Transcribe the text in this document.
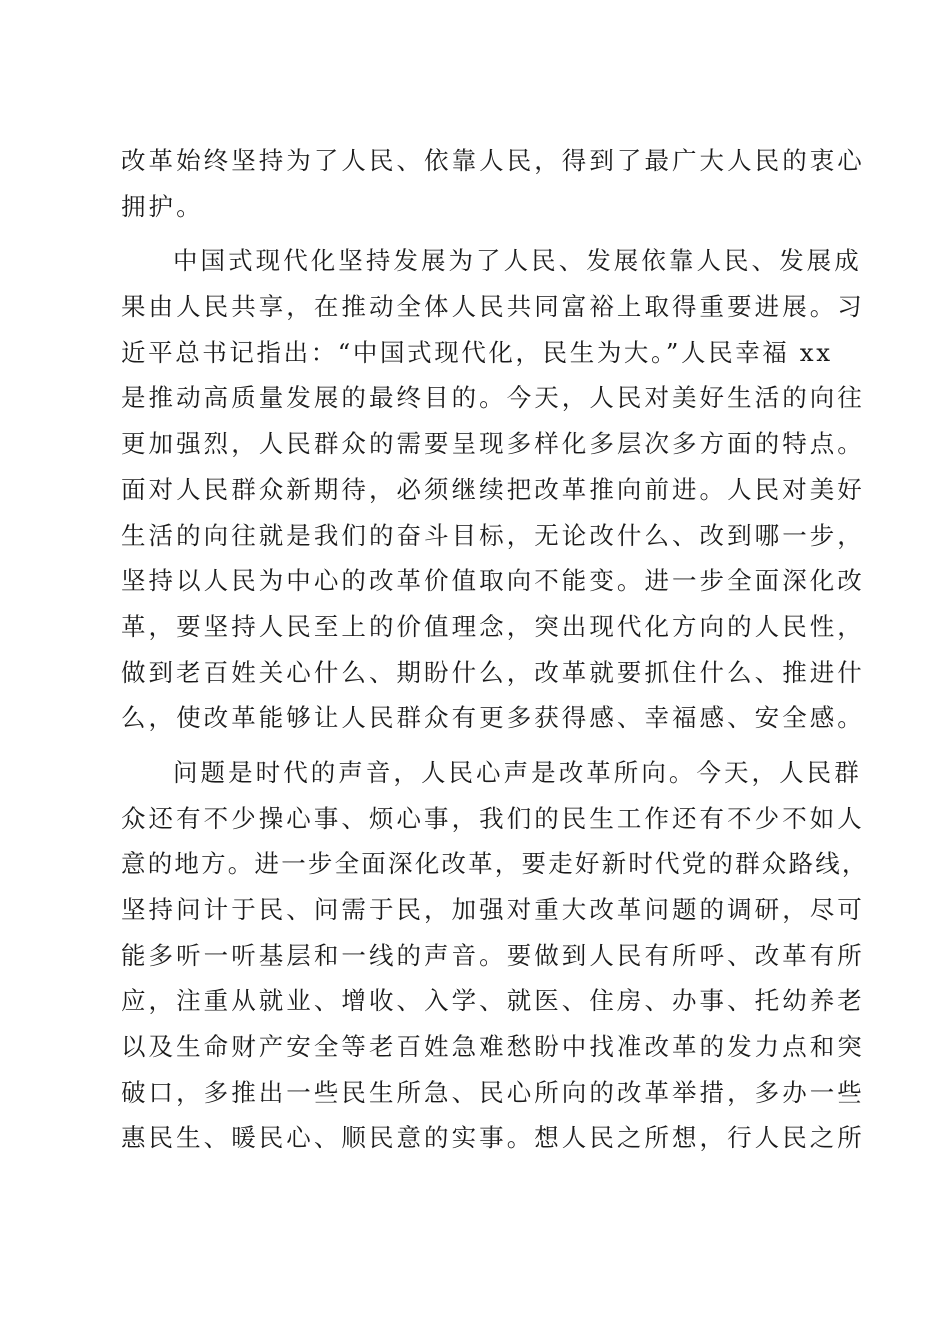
改革始终坚持为了人民、依靠人民，得到了最广大人民的衷心
拥护。
中国式现代化坚持发展为了人民、发展依靠人民、发展成
果由人民共享，在推动全体人民共同富裕上取得重要进展。习
近平总书记指出：“中国式现代化，民生为大。”人民幸福 xx
是推动高质量发展的最终目的。今天，人民对美好生活的向往
更加强烈，人民群众的需要呈现多样化多层次多方面的特点。
面对人民群众新期待，必须继续把改革推向前进。人民对美好
生活的向往就是我们的奋斗目标，无论改什么、改到哪一步，
坚持以人民为中心的改革价值取向不能变。进一步全面深化改
革，要坚持人民至上的价值理念，突出现代化方向的人民性，
做到老百姓关心什么、期盼什么，改革就要抓住什么、推进什
么，使改革能够让人民群众有更多获得感、幸福感、安全感。
问题是时代的声音，人民心声是改革所向。今天，人民群
众还有不少操心事、烦心事，我们的民生工作还有不少不如人
意的地方。进一步全面深化改革，要走好新时代党的群众路线，
坚持问计于民、问需于民，加强对重大改革问题的调研，尽可
能多听一听基层和一线的声音。要做到人民有所呼、改革有所
应，注重从就业、增收、入学、就医、住房、办事、托幼养老
以及生命财产安全等老百姓急难愁盼中找准改革的发力点和突
破口，多推出一些民生所急、民心所向的改革举措，多办一些
惠民生、暖民心、顺民意的实事。想人民之所想，行人民之所
